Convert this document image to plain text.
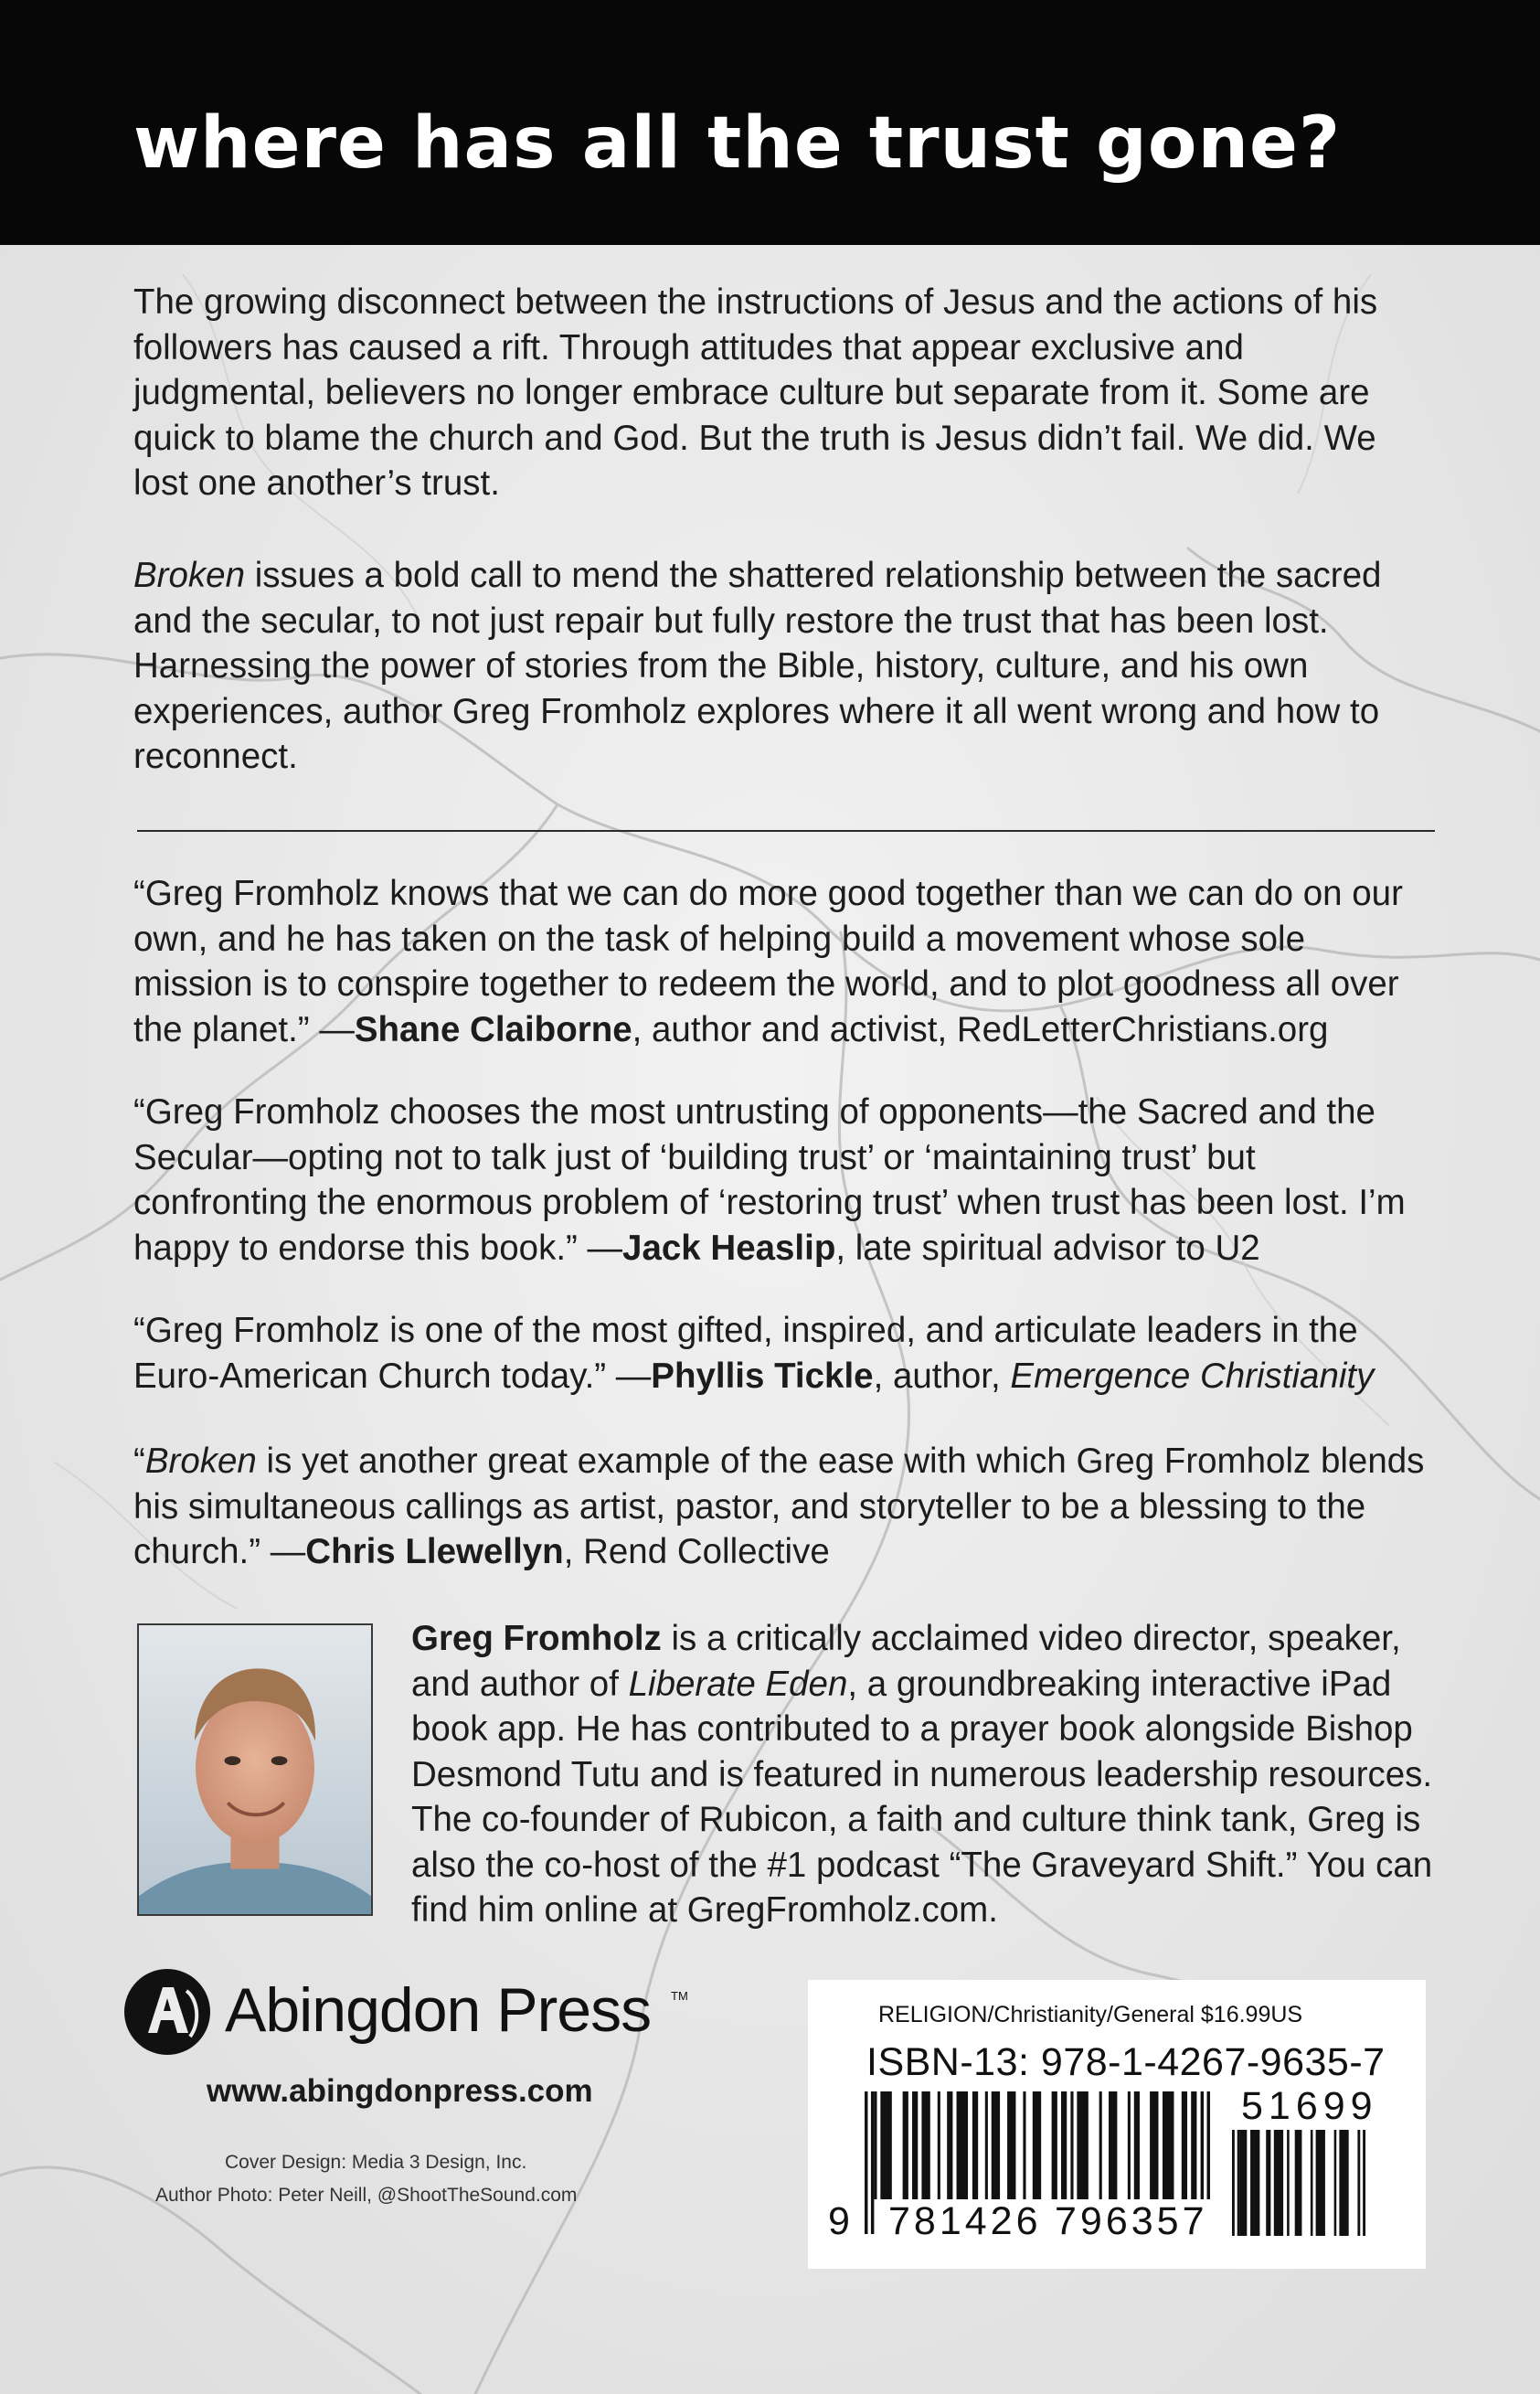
where has all the trust gone?

The growing disconnect between the instructions of Jesus and the actions of his followers has caused a rift. Through attitudes that appear exclusive and judgmental, believers no longer embrace culture but separate from it. Some are quick to blame the church and God. But the truth is Jesus didn’t fail. We did. We lost one another’s trust.

Broken issues a bold call to mend the shattered relationship between the sacred and the secular, to not just repair but fully restore the trust that has been lost. Harnessing the power of stories from the Bible, history, culture, and his own experiences, author Greg Fromholz explores where it all went wrong and how to reconnect.

“Greg Fromholz knows that we can do more good together than we can do on our own, and he has taken on the task of helping build a movement whose sole mission is to conspire together to redeem the world, and to plot goodness all over the planet.” —Shane Claiborne, author and activist, RedLetterChristians.org

“Greg Fromholz chooses the most untrusting of opponents—the Sacred and the Secular—opting not to talk just of ‘building trust’ or ‘maintaining trust’ but confronting the enormous problem of ‘restoring trust’ when trust has been lost. I’m happy to endorse this book.” —Jack Heaslip, late spiritual advisor to U2

“Greg Fromholz is one of the most gifted, inspired, and articulate leaders in the Euro-American Church today.” —Phyllis Tickle, author, Emergence Christianity

“Broken is yet another great example of the ease with which Greg Fromholz blends his simultaneous callings as artist, pastor, and storyteller to be a blessing to the church.” —Chris Llewellyn, Rend Collective

Greg Fromholz is a critically acclaimed video director, speaker, and author of Liberate Eden, a groundbreaking interactive iPad book app. He has contributed to a prayer book alongside Bishop Desmond Tutu and is featured in numerous leadership resources. The co-founder of Rubicon, a faith and culture think tank, Greg is also the co-host of the #1 podcast “The Graveyard Shift.” You can find him online at GregFromholz.com.

Abingdon Press TM
www.abingdonpress.com
Cover Design: Media 3 Design, Inc.
Author Photo: Peter Neill, @ShootTheSound.com
RELIGION/Christianity/General $16.99US
ISBN-13: 978-1-4267-9635-7
51699
9 781426 796357
